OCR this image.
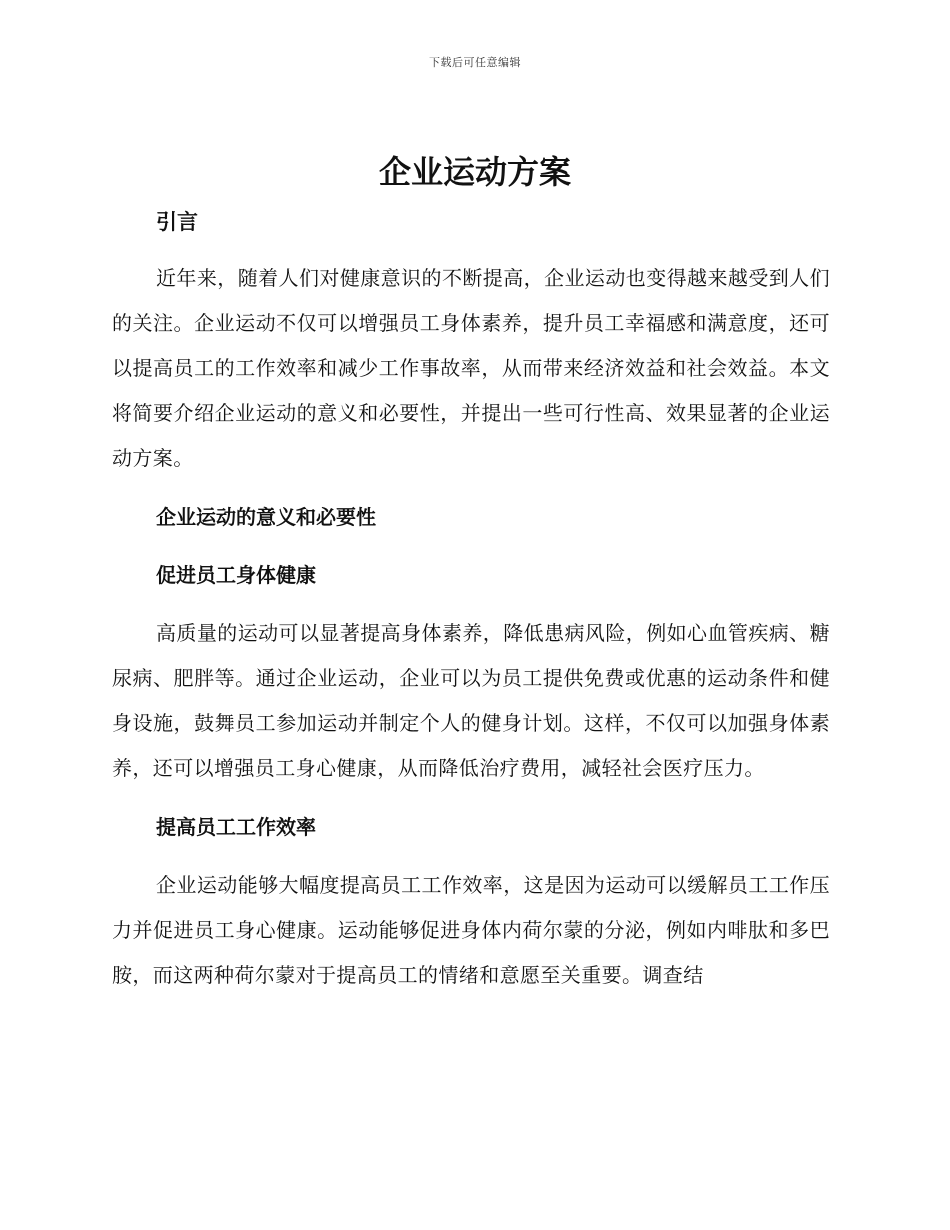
下载后可任意编辑
企业运动方案
引言

近年来，随着人们对健康意识的不断提高，企业运动也变得越来越受到人们的关注。企业运动不仅可以增强员工身体素养，提升员工幸福感和满意度，还可以提高员工的工作效率和减少工作事故率，从而带来经济效益和社会效益。本文将简要介绍企业运动的意义和必要性，并提出一些可行性高、效果显著的企业运动方案。

企业运动的意义和必要性
促进员工身体健康

高质量的运动可以显著提高身体素养，降低患病风险，例如心血管疾病、糖尿病、肥胖等。通过企业运动，企业可以为员工提供免费或优惠的运动条件和健身设施，鼓舞员工参加运动并制定个人的健身计划。这样，不仅可以加强身体素养，还可以增强员工身心健康，从而降低治疗费用，减轻社会医疗压力。

提高员工工作效率

企业运动能够大幅度提高员工工作效率，这是因为运动可以缓解员工工作压力并促进员工身心健康。运动能够促进身体内荷尔蒙的分泌，例如内啡肽和多巴胺，而这两种荷尔蒙对于提高员工的情绪和意愿至关重要。调查结
